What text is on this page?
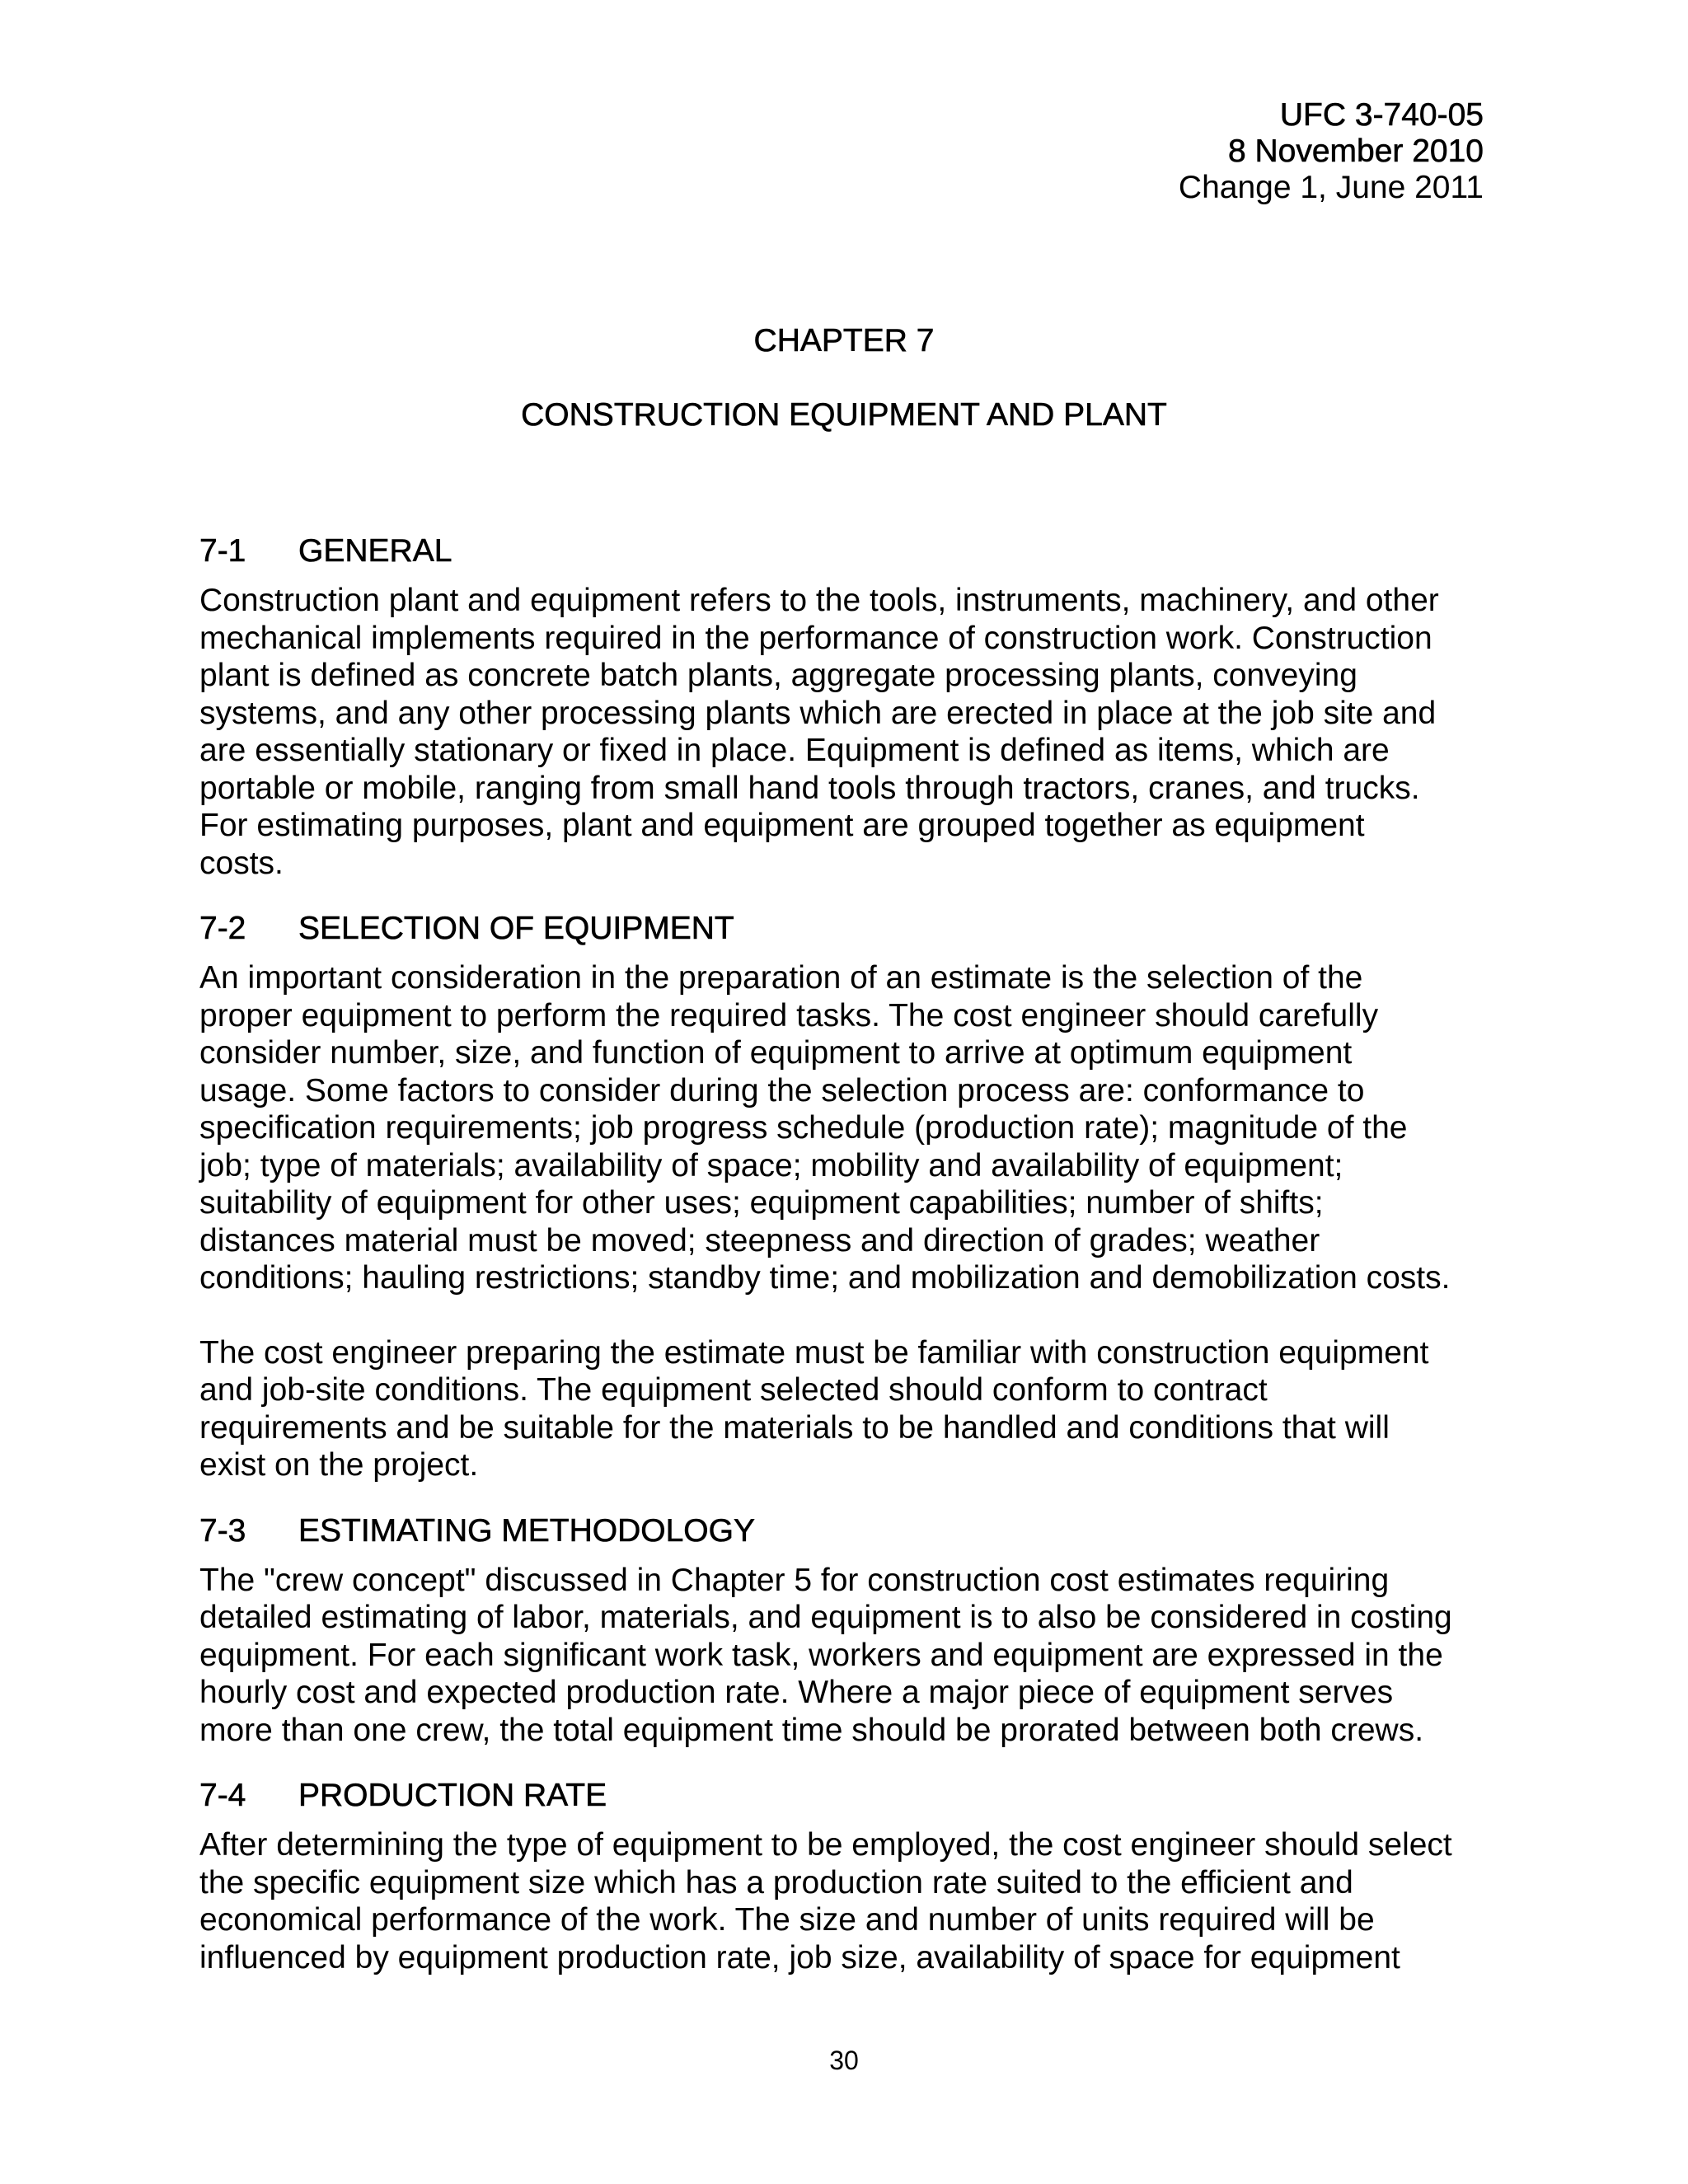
UFC 3-740-05
8 November 2010
Change 1, June 2011
CHAPTER 7
CONSTRUCTION EQUIPMENT AND PLANT
7-1 GENERAL
Construction plant and equipment refers to the tools, instruments, machinery, and other
mechanical implements required in the performance of construction work. Construction
plant is defined as concrete batch plants, aggregate processing plants, conveying
systems, and any other processing plants which are erected in place at the job site and
are essentially stationary or fixed in place. Equipment is defined as items, which are
portable or mobile, ranging from small hand tools through tractors, cranes, and trucks.
For estimating purposes, plant and equipment are grouped together as equipment
costs.
7-2 SELECTION OF EQUIPMENT
An important consideration in the preparation of an estimate is the selection of the
proper equipment to perform the required tasks. The cost engineer should carefully
consider number, size, and function of equipment to arrive at optimum equipment
usage. Some factors to consider during the selection process are: conformance to
specification requirements; job progress schedule (production rate); magnitude of the
job; type of materials; availability of space; mobility and availability of equipment;
suitability of equipment for other uses; equipment capabilities; number of shifts;
distances material must be moved; steepness and direction of grades; weather
conditions; hauling restrictions; standby time; and mobilization and demobilization costs.
The cost engineer preparing the estimate must be familiar with construction equipment
and job-site conditions. The equipment selected should conform to contract
requirements and be suitable for the materials to be handled and conditions that will
exist on the project.
7-3 ESTIMATING METHODOLOGY
The "crew concept" discussed in Chapter 5 for construction cost estimates requiring
detailed estimating of labor, materials, and equipment is to also be considered in costing
equipment. For each significant work task, workers and equipment are expressed in the
hourly cost and expected production rate. Where a major piece of equipment serves
more than one crew, the total equipment time should be prorated between both crews.
7-4 PRODUCTION RATE
After determining the type of equipment to be employed, the cost engineer should select
the specific equipment size which has a production rate suited to the efficient and
economical performance of the work. The size and number of units required will be
influenced by equipment production rate, job size, availability of space for equipment
30
